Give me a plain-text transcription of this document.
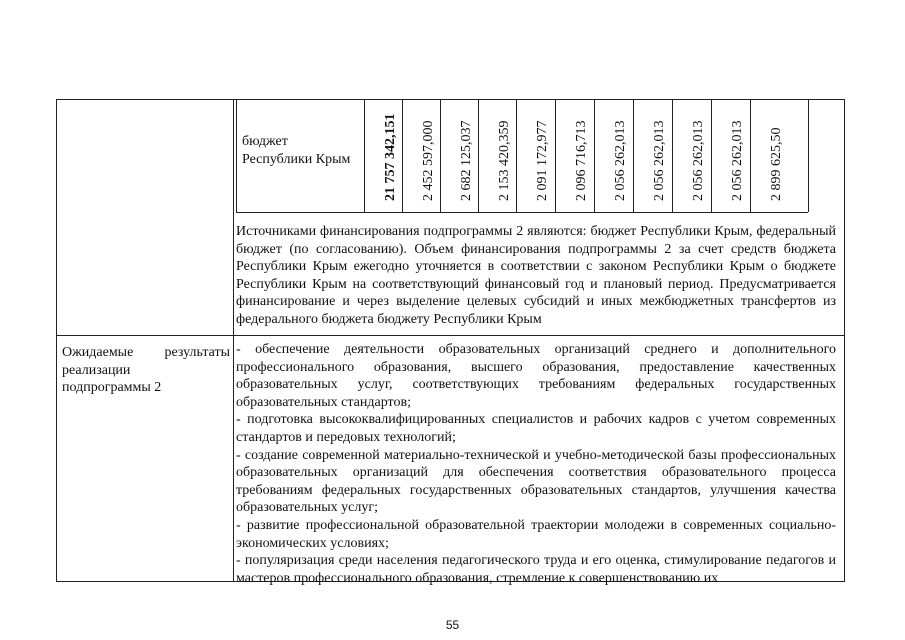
бюджет Республики Крым 21 757 342,151 2 452 597,000 2 682 125,037 2 153 420,359 2 091 172,977 2 096 716,713 2 056 262,013 2 056 262,013 2 056 262,013 2 056 262,013 2 899 625,50

Источниками финансирования подпрограммы 2 являются: бюджет Республики Крым, федеральный бюджет (по согласованию). Объем финансирования подпрограммы 2 за счет средств бюджета Республики Крым ежегодно уточняется в соответствии с законом Республики Крым о бюджете Республики Крым на соответствующий финансовый год и плановый период. Предусматривается финансирование и через выделение целевых субсидий и иных межбюджетных трансфертов из федерального бюджета бюджету Республики Крым

Ожидаемые результаты
реализации
подпрограммы 2

- обеспечение деятельности образовательных организаций среднего и дополнительного профессионального образования, высшего образования, предоставление качественных образовательных услуг, соответствующих требованиям федеральных государственных образовательных стандартов;

- подготовка высококвалифицированных специалистов и рабочих кадров с учетом современных стандартов и передовых технологий;

- создание современной материально-технической и учебно-методической базы профессиональных образовательных организаций для обеспечения соответствия образовательного процесса требованиям федеральных государственных образовательных стандартов, улучшения качества образовательных услуг;

- развитие профессиональной образовательной траектории молодежи в современных социально-экономических условиях;

- популяризация среди населения педагогического труда и его оценка, стимулирование педагогов и мастеров профессионального образования, стремление к совершенствованию их

55
